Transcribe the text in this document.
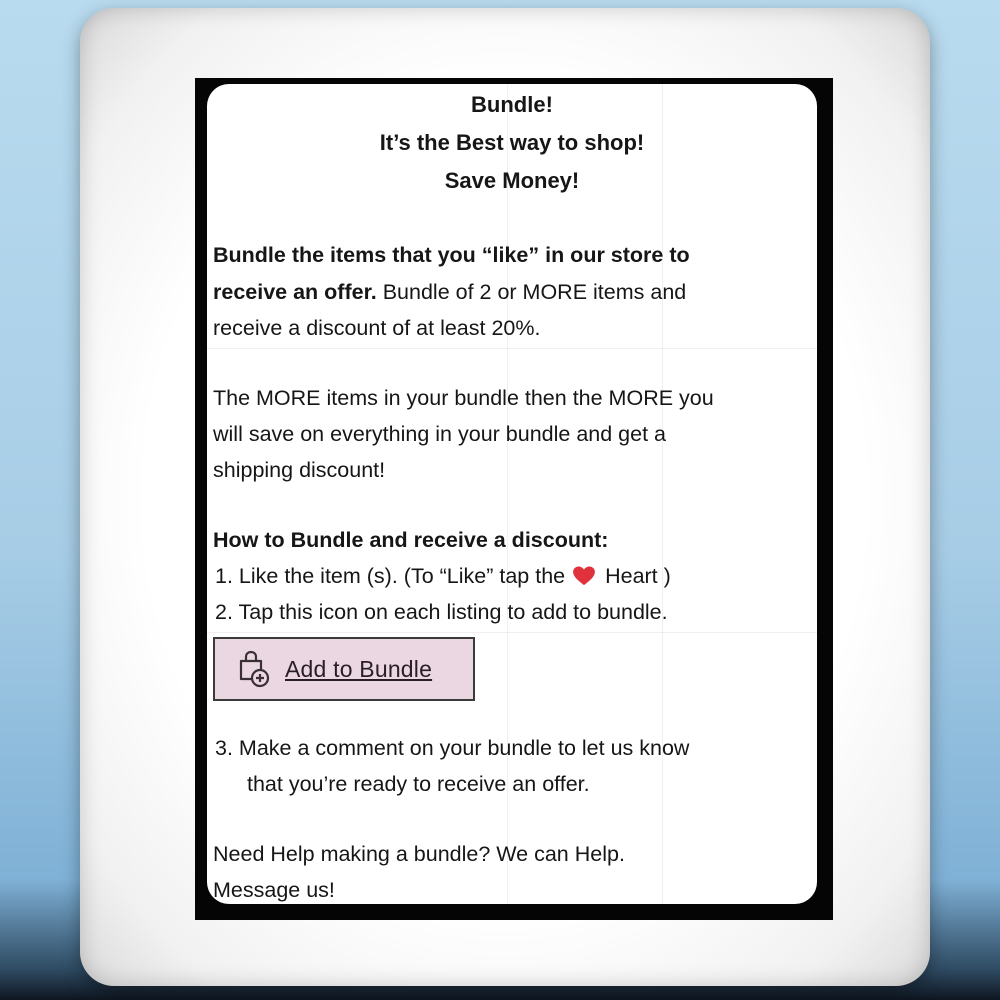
Bundle!
It’s the Best way to shop!
Save Money!
Bundle the items that you “like” in our store to
receive an offer. Bundle of 2 or MORE items and
receive a discount of at least 20%.
The MORE items in your bundle then the MORE you
will save on everything in your bundle and get a
shipping discount!
How to Bundle and receive a discount:
1. Like the item (s). (To “Like” tap the  Heart )
2. Tap this icon on each listing to add to bundle.
Add to Bundle
3. Make a comment on your bundle to let us know
that you’re ready to receive an offer.
Need Help making a bundle? We can Help.
Message us!
